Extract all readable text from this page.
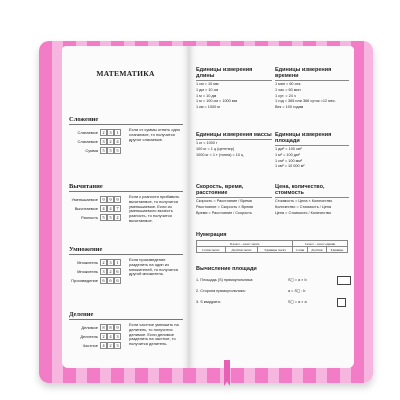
МАТЕМАТИКА
Сложение
Слагаемое 2	3	1
Слагаемое 3	2	4
Сумма 5	5	5
Если от суммы отнять одно слагаемое, то получится другое слагаемое.
Вычитание
Уменьшаемое 9	9	9
Вычитаемое 4	4	7
Разность 5	5	2
Если к разности прибавить вычитаемое, то получится уменьшаемое. Если из уменьшаемого вычесть разность, то получится вычитаемое.
Умножение
Множитель 2	3	1
Множитель 3	2	6
Произведение 6	6	6
Если произведение разделить на один из множителей, то получится другой множитель.
Деление
Делимое 8	8	9
Делитель 2	4	3
Частное 4	2	3
Если частное умножить на делитель, то получится делимое. Если делимое разделить на частное, то получится делитель.
Единицы измерения длины
1 см = 10 мм
1 дм = 10 см
1 м = 10 дм
1 м = 100 см = 1000 мм
1 км = 1000 м
Единицы измерения времени
1 мин = 60 сек.
1 час = 60 мин
1 сут. = 24 ч
1 год = 365 или 366 суток =12 мес.
Век = 100 годам
Единицы измерения массы
1 кг = 1000 г
100 кг = 1 ц (центнер)
1000 кг = 1 т (тонна) = 10 ц
Единицы измерения площади
1 дм² = 100 см²
1 м² = 100 дм²
1 см² = 100 мм²
1 км² = 10 000 м²
Скорость, время, расстояние
Скорость = Расстояние / Время
Расстояние = Скорость × Время
Время = Расстояние / Скорость
Цена, количество, стоимость
Стоимость = Цена × Количество
Количество = Стоимость / Цена
Цена = Стоимость / Количество
Нумерация
II класс – класс тысяч			I класс – класс единиц		
Сотни тысяч	Десятки тысяч	Единицы тысяч	Сотни	Десятки	Единицы
Вычисление площади
1. Площадь (S) прямоугольника:	S◻ = a × b
2. Сторона прямоугольника:	a = S◻ : b
3. S квадрата:	S◻ = a × a
